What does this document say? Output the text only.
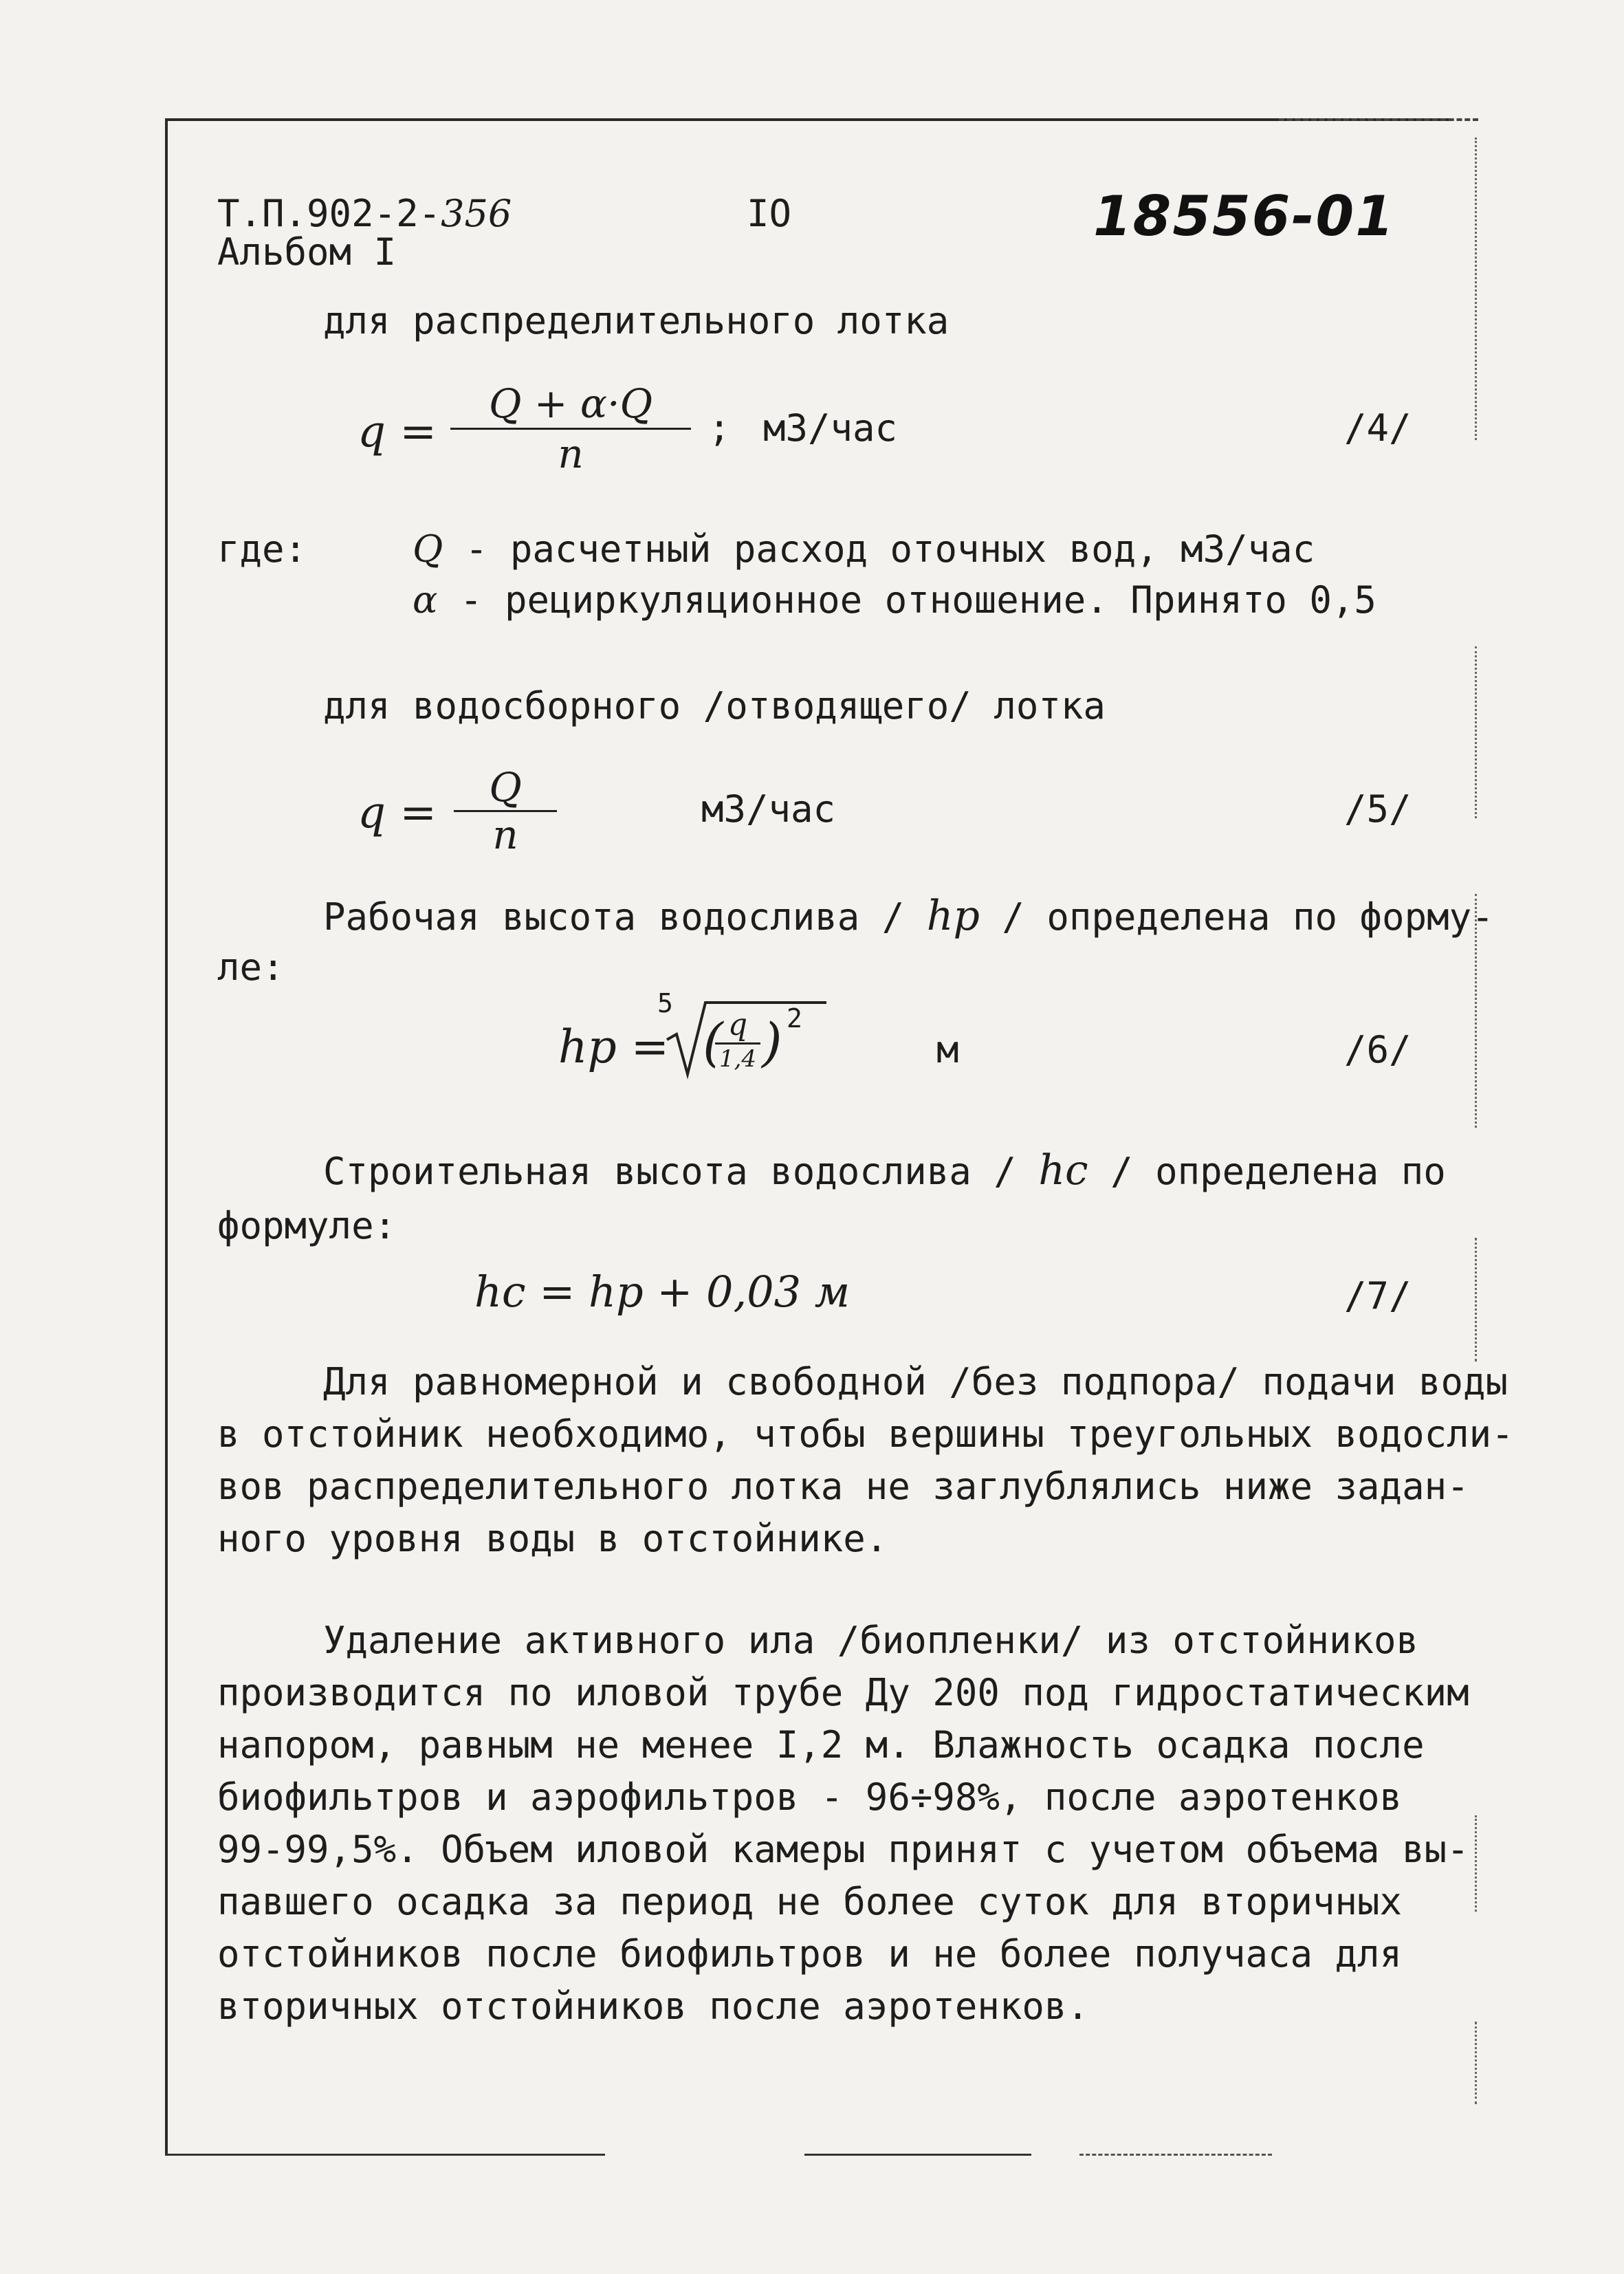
Т.П.902-2-356
Альбом I
IO	18556-01
для распределительного лотка
q =
Q + α·Q
n
; м3/час	/4/
где:	Q - расчетный расход оточных вод, м3/час
α - рециркуляционное отношение. Принято 0,5
для водосборного /отводящего/ лотка
q =	Q
n
м3/час	/5/
Рабочая высота водослива / hp / определена по форму-
ле:
hp =
5
( q
1,4 ) 2
м	/6/
Строительная высота водослива / hc / определена по
формуле:
hc = hp + 0,03 м	/7/
Для равномерной и свободной /без подпора/ подачи воды
в отстойник необходимо, чтобы вершины треугольных водосли-
вов распределительного лотка не заглублялись ниже задан-
ного уровня воды в отстойнике.
Удаление активного ила /биопленки/ из отстойников
производится по иловой трубе Ду 200 под гидростатическим
напором, равным не менее I,2 м. Влажность осадка после
биофильтров и аэрофильтров - 96÷98%, после аэротенков
99-99,5%. Объем иловой камеры принят с учетом объема вы-
павшего осадка за период не более суток для вторичных
отстойников после биофильтров и не более получаса для
вторичных отстойников после аэротенков.
